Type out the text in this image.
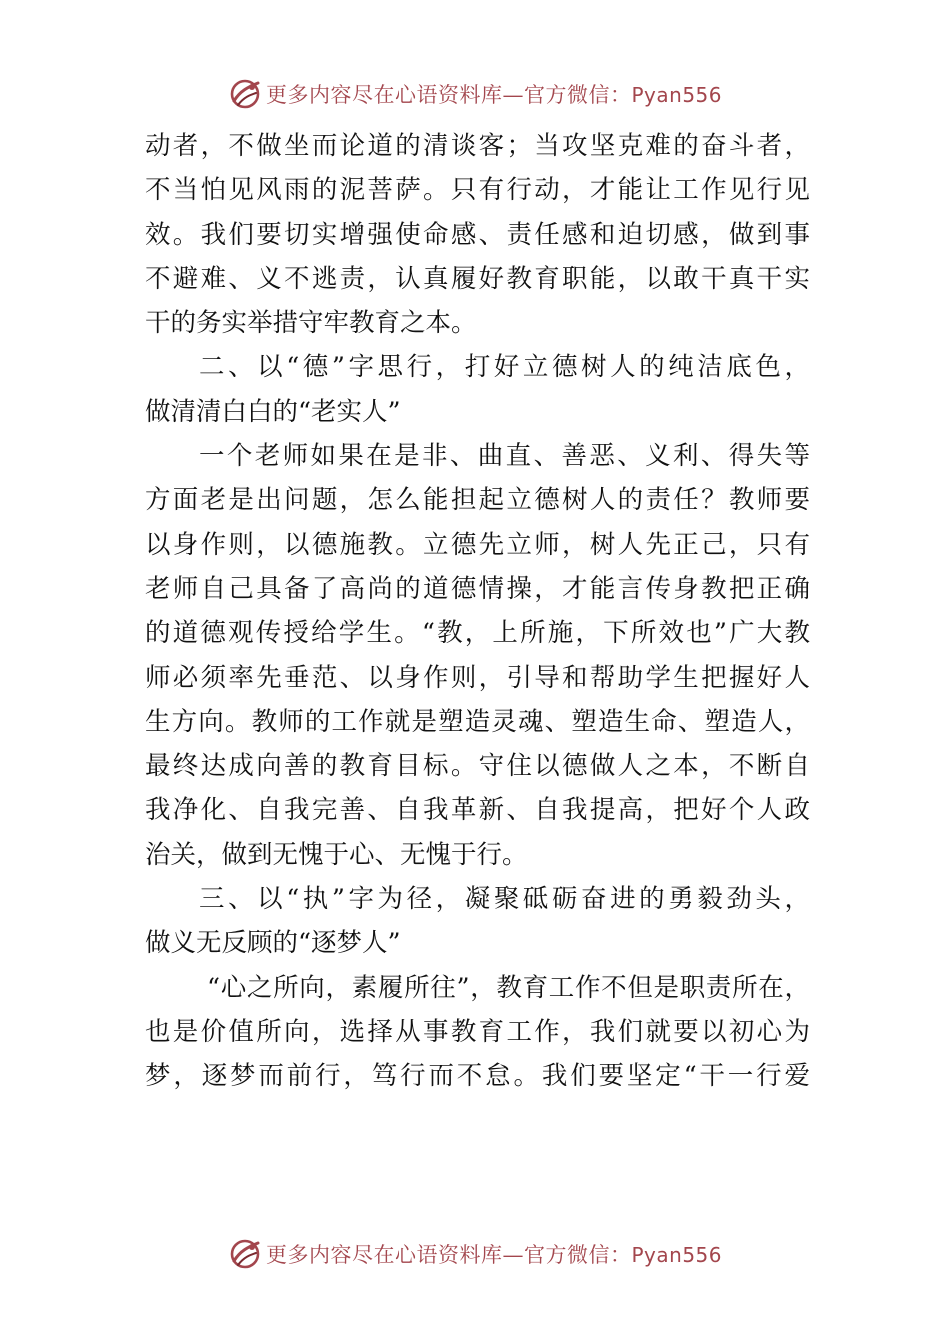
更多内容尽在心语资料库—官方微信：Pyan556
动者，不做坐而论道的清谈客；当攻坚克难的奋斗者，
不当怕见风雨的泥菩萨。只有行动，才能让工作见行见
效。我们要切实增强使命感、责任感和迫切感，做到事
不避难、义不逃责，认真履好教育职能，以敢干真干实
干的务实举措守牢教育之本。
二、以“德”字思行，打好立德树人的纯洁底色，
做清清白白的“老实人”
一个老师如果在是非、曲直、善恶、义利、得失等
方面老是出问题，怎么能担起立德树人的责任？教师要
以身作则，以德施教。立德先立师，树人先正己，只有
老师自己具备了高尚的道德情操，才能言传身教把正确
的道德观传授给学生。“教，上所施，下所效也”广大教
师必须率先垂范、以身作则，引导和帮助学生把握好人
生方向。教师的工作就是塑造灵魂、塑造生命、塑造人，
最终达成向善的教育目标。守住以德做人之本，不断自
我净化、自我完善、自我革新、自我提高，把好个人政
治关，做到无愧于心、无愧于行。
三、以“执”字为径，凝聚砥砺奋进的勇毅劲头，
做义无反顾的“逐梦人”
“心之所向，素履所往”，教育工作不但是职责所在，
也是价值所向，选择从事教育工作，我们就要以初心为
梦，逐梦而前行，笃行而不怠。我们要坚定“干一行爱
更多内容尽在心语资料库—官方微信：Pyan556
